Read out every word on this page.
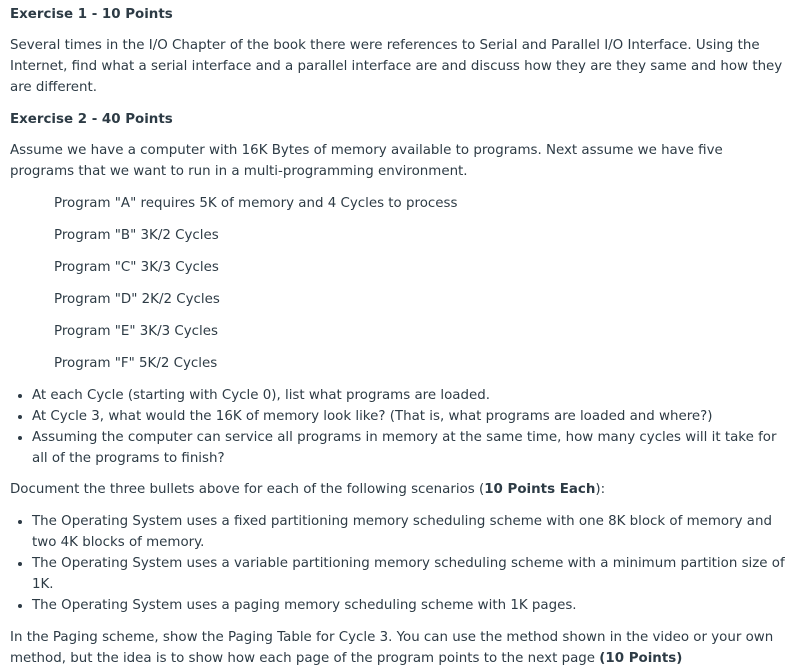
Exercise 1 - 10 Points

Several times in the I/O Chapter of the book there were references to Serial and Parallel I/O Interface. Using the Internet, find what a serial interface and a parallel interface are and discuss how they are they same and how they are different.

Exercise 2 - 40 Points

Assume we have a computer with 16K Bytes of memory available to programs. Next assume we have five programs that we want to run in a multi-programming environment.

Program "A" requires 5K of memory and 4 Cycles to process
Program "B" 3K/2 Cycles
Program "C" 3K/3 Cycles
Program "D" 2K/2 Cycles
Program "E" 3K/3 Cycles
Program "F" 5K/2 Cycles
• At each Cycle (starting with Cycle 0), list what programs are loaded.
• At Cycle 3, what would the 16K of memory look like? (That is, what programs are loaded and where?)
• Assuming the computer can service all programs in memory at the same time, how many cycles will it take for all of the programs to finish?

Document the three bullets above for each of the following scenarios (10 Points Each):

• The Operating System uses a fixed partitioning memory scheduling scheme with one 8K block of memory and two 4K blocks of memory.
• The Operating System uses a variable partitioning memory scheduling scheme with a minimum partition size of 1K.
• The Operating System uses a paging memory scheduling scheme with 1K pages.

In the Paging scheme, show the Paging Table for Cycle 3. You can use the method shown in the video or your own method, but the idea is to show how each page of the program points to the next page (10 Points)
